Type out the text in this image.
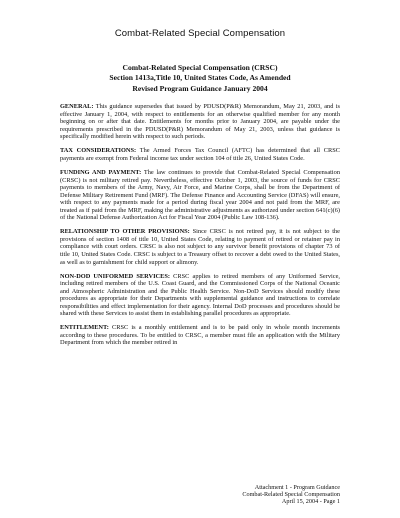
Combat-Related Special Compensation
Combat-Related Special Compensation (CRSC)
Section 1413a,Title 10, United States Code, As Amended
Revised Program Guidance January 2004

GENERAL: This guidance supersedes that issued by PDUSD(P&R) Memorandum, May 21, 2003, and is effective January 1, 2004, with respect to entitlements for an otherwise qualified member for any month beginning on or after that date. Entitlements for months prior to January 2004, are payable under the requirements prescribed in the PDUSD(P&R) Memorandum of May 21, 2003, unless that guidance is specifically modified herein with respect to such periods.

TAX CONSIDERATIONS: The Armed Forces Tax Council (AFTC) has determined that all CRSC payments are exempt from Federal income tax under section 104 of title 26, United States Code.

FUNDING AND PAYMENT: The law continues to provide that Combat-Related Special Compensation (CRSC) is not military retired pay. Nevertheless, effective October 1, 2003, the source of funds for CRSC payments to members of the Army, Navy, Air Force, and Marine Corps, shall be from the Department of Defense Military Retirement Fund (MRF). The Defense Finance and Accounting Service (DFAS) will ensure, with respect to any payments made for a period during fiscal year 2004 and not paid from the MRF, are treated as if paid from the MRF, making the administrative adjustments as authorized under section 641(c)(6) of the National Defense Authorization Act for Fiscal Year 2004 (Public Law 108-136).

RELATIONSHIP TO OTHER PROVISIONS: Since CRSC is not retired pay, it is not subject to the provisions of section 1408 of title 10, United States Code, relating to payment of retired or retainer pay in compliance with court orders. CRSC is also not subject to any survivor benefit provisions of chapter 73 of title 10, United States Code. CRSC is subject to a Treasury offset to recover a debt owed to the United States, as well as to garnishment for child support or alimony.

NON-DOD UNIFORMED SERVICES: CRSC applies to retired members of any Uniformed Service, including retired members of the U.S. Coast Guard, and the Commissioned Corps of the National Oceanic and Atmospheric Administration and the Public Health Service. Non-DoD Services should modify these procedures as appropriate for their Departments with supplemental guidance and instructions to correlate responsibilities and effect implementation for their agency. Internal DoD processes and procedures should be shared with these Services to assist them in establishing parallel procedures as appropriate.

ENTITLEMENT: CRSC is a monthly entitlement and is to be paid only in whole month increments according to these procedures. To be entitled to CRSC, a member must file an application with the Military Department from which the member retired in

Attachment 1 - Program Guidance
Combat-Related Special Compensation
April 15, 2004 - Page 1
